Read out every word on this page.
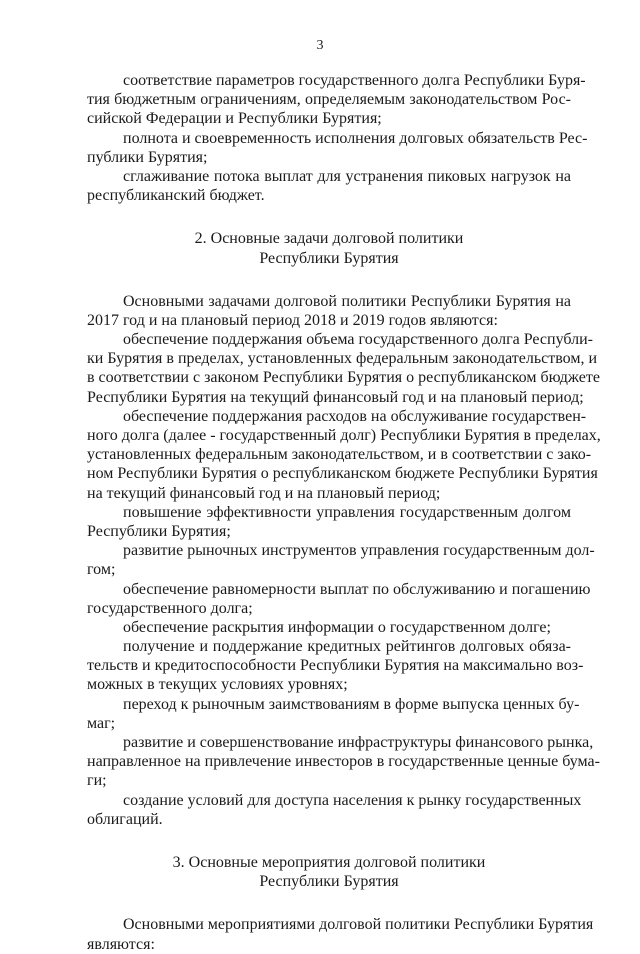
3
соответствие параметров государственного долга Республики Буря-
тия бюджетным ограничениям, определяемым законодательством Рос-
сийской Федерации и Республики Бурятия;
полнота и своевременность исполнения долговых обязательств Рес-
публики Бурятия;
сглаживание потока выплат для устранения пиковых нагрузок на
республиканский бюджет.
2. Основные задачи долговой политики
Республики Бурятия
Основными задачами долговой политики Республики Бурятия на
2017 год и на плановый период 2018 и 2019 годов являются:
обеспечение поддержания объема государственного долга Республи-
ки Бурятия в пределах, установленных федеральным законодательством, и
в соответствии с законом Республики Бурятия о республиканском бюджете
Республики Бурятия на текущий финансовый год и на плановый период;
обеспечение поддержания расходов на обслуживание государствен-
ного долга (далее - государственный долг) Республики Бурятия в пределах,
установленных федеральным законодательством, и в соответствии с зако-
ном Республики Бурятия о республиканском бюджете Республики Бурятия
на текущий финансовый год и на плановый период;
повышение эффективности управления государственным долгом
Республики Бурятия;
развитие рыночных инструментов управления государственным дол-
гом;
обеспечение равномерности выплат по обслуживанию и погашению
государственного долга;
обеспечение раскрытия информации о государственном долге;
получение и поддержание кредитных рейтингов долговых обяза-
тельств и кредитоспособности Республики Бурятия на максимально воз-
можных в текущих условиях уровнях;
переход к рыночным заимствованиям в форме выпуска ценных бу-
маг;
развитие и совершенствование инфраструктуры финансового рынка,
направленное на привлечение инвесторов в государственные ценные бума-
ги;
создание условий для доступа населения к рынку государственных
облигаций.
3. Основные мероприятия долговой политики
Республики Бурятия
Основными мероприятиями долговой политики Республики Бурятия
являются:
